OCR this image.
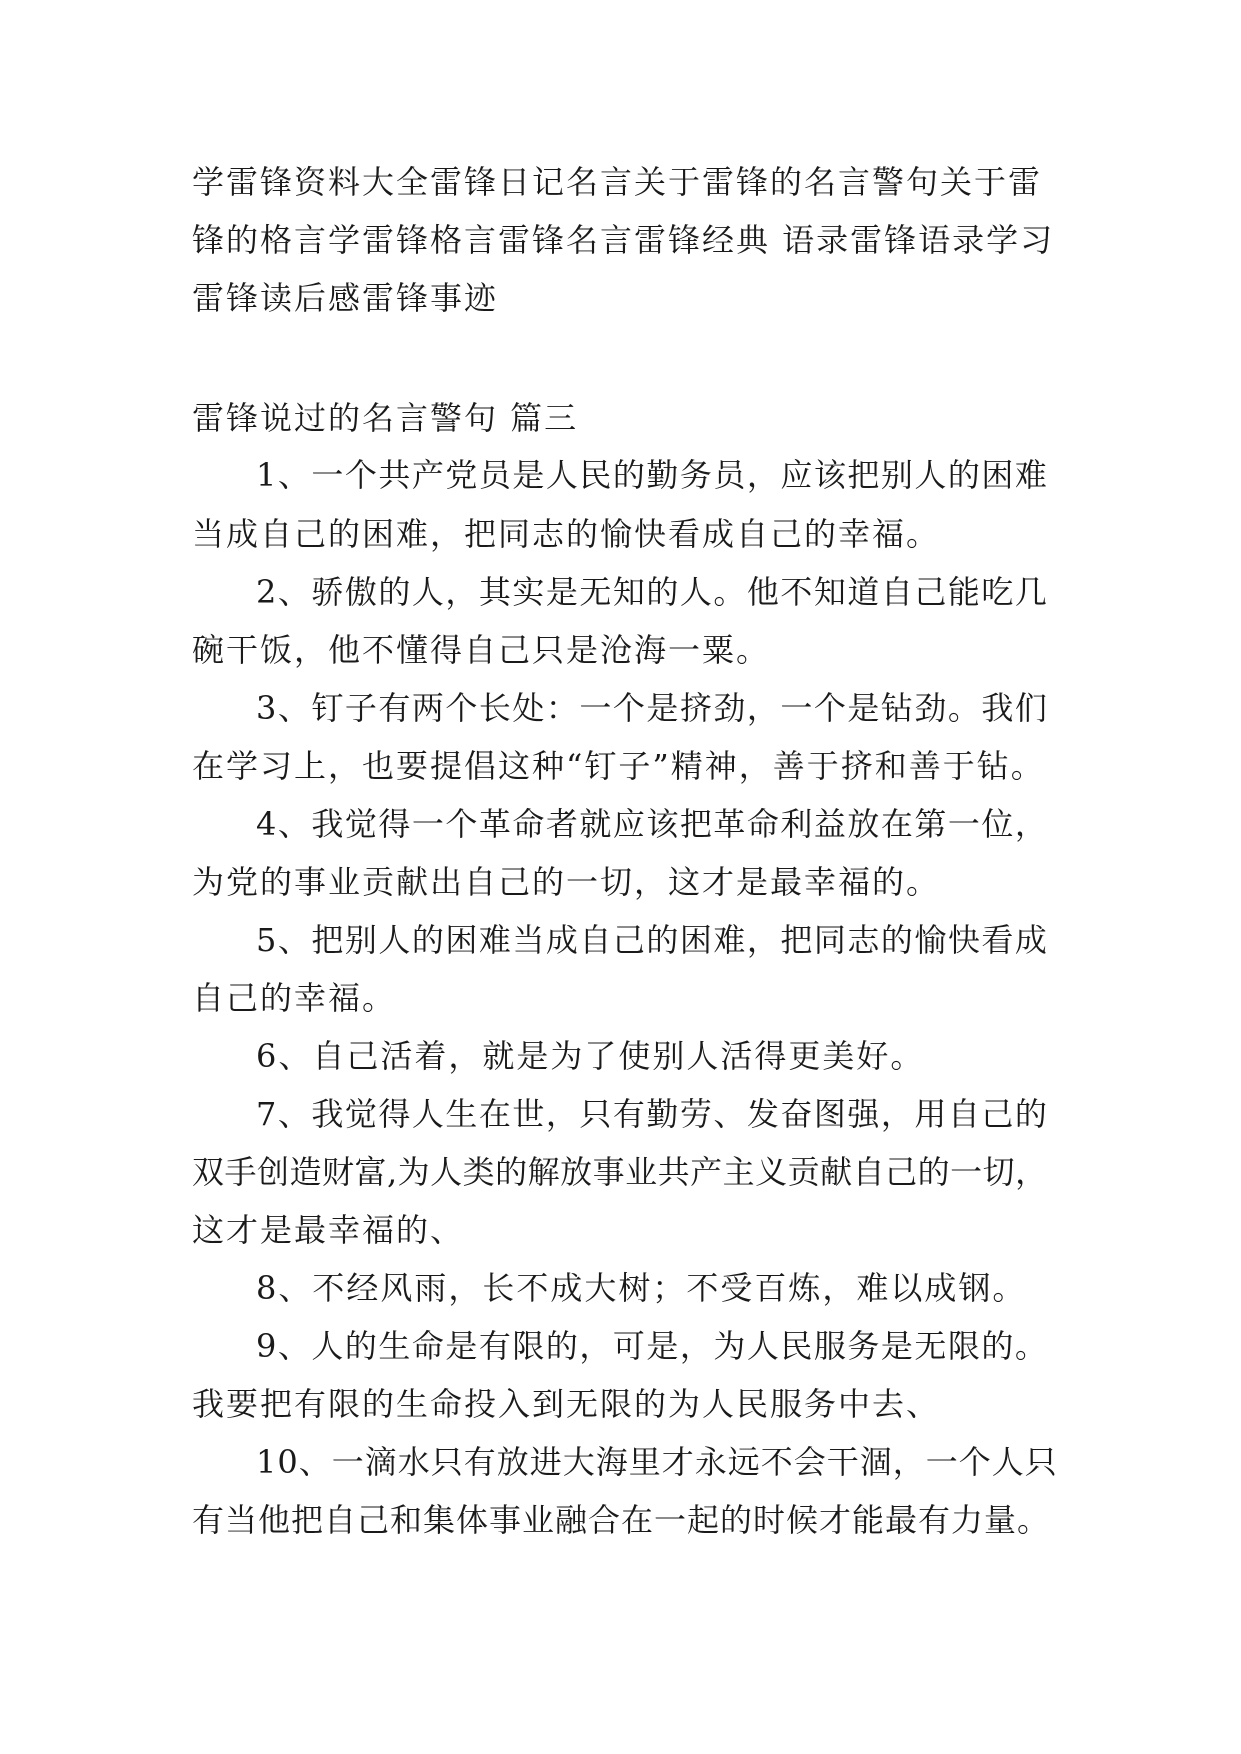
学雷锋资料大全雷锋日记名言关于雷锋的名言警句关于雷
锋的格言学雷锋格言雷锋名言雷锋经典 语录雷锋语录学习
雷锋读后感雷锋事迹
雷锋说过的名言警句 篇三
1、一个共产党员是人民的勤务员，应该把别人的困难
当成自己的困难，把同志的愉快看成自己的幸福。
2、骄傲的人，其实是无知的人。他不知道自己能吃几
碗干饭，他不懂得自己只是沧海一粟。
3、钉子有两个长处：一个是挤劲，一个是钻劲。我们
在学习上，也要提倡这种“钉子”精神，善于挤和善于钻。
4、我觉得一个革命者就应该把革命利益放在第一位，
为党的事业贡献出自己的一切，这才是最幸福的。
5、把别人的困难当成自己的困难，把同志的愉快看成
自己的幸福。
6、自己活着，就是为了使别人活得更美好。
7、我觉得人生在世，只有勤劳、发奋图强，用自己的
双手创造财富,为人类的解放事业共产主义贡献自己的一切，
这才是最幸福的、
8、不经风雨，长不成大树；不受百炼，难以成钢。
9、人的生命是有限的，可是，为人民服务是无限的。
我要把有限的生命投入到无限的为人民服务中去、
10、一滴水只有放进大海里才永远不会干涸，一个人只
有当他把自己和集体事业融合在一起的时候才能最有力量。
